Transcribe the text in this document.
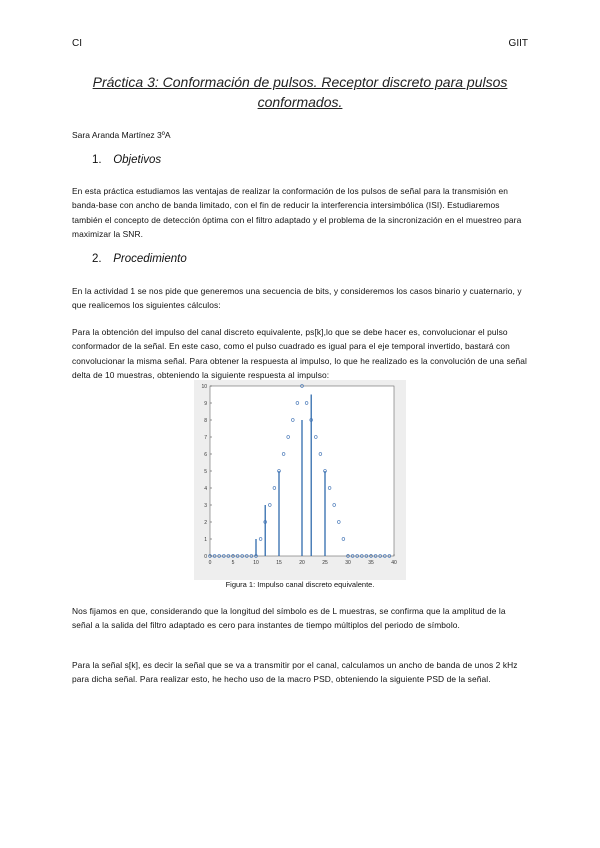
CI	GIIT
Práctica 3: Conformación de pulsos. Receptor discreto para pulsos conformados.
Sara Aranda Martínez 3ºA
1. Objetivos
En esta práctica estudiamos las ventajas de realizar la conformación de los pulsos de señal para la transmisión en banda-base con ancho de banda limitado, con el fin de reducir la interferencia intersimbólica (ISI). Estudiaremos también el concepto de detección óptima con el filtro adaptado y el problema de la sincronización en el muestreo para maximizar la SNR.
2. Procedimiento
En la actividad 1 se nos pide que generemos una secuencia de bits, y consideremos los casos binario y cuaternario, y que realicemos los siguientes cálculos:
Para la obtención del impulso del canal discreto equivalente, ps[k],lo que se debe hacer es, convolucionar el pulso conformador de la señal. En este caso, como el pulso cuadrado es igual para el eje temporal invertido, bastará con convolucionar la misma señal. Para obtener la respuesta al impulso, lo que he realizado es la convolución de una señal delta de 10 muestras, obteniendo la siguiente respuesta al impulso:
0	5	10	15	20	25	30	35	40
0
1
2
3
4
5
6
7
8
9
10
Figura 1: Impulso canal discreto equivalente.
Nos fijamos en que, considerando que la longitud del símbolo es de L muestras, se confirma que la amplitud de la señal a la salida del filtro adaptado es cero para instantes de tiempo múltiplos del periodo de símbolo.
Para la señal s[k], es decir la señal que se va a transmitir por el canal, calculamos un ancho de banda de unos 2 kHz para dicha señal. Para realizar esto, he hecho uso de la macro PSD, obteniendo la siguiente PSD de la señal.
